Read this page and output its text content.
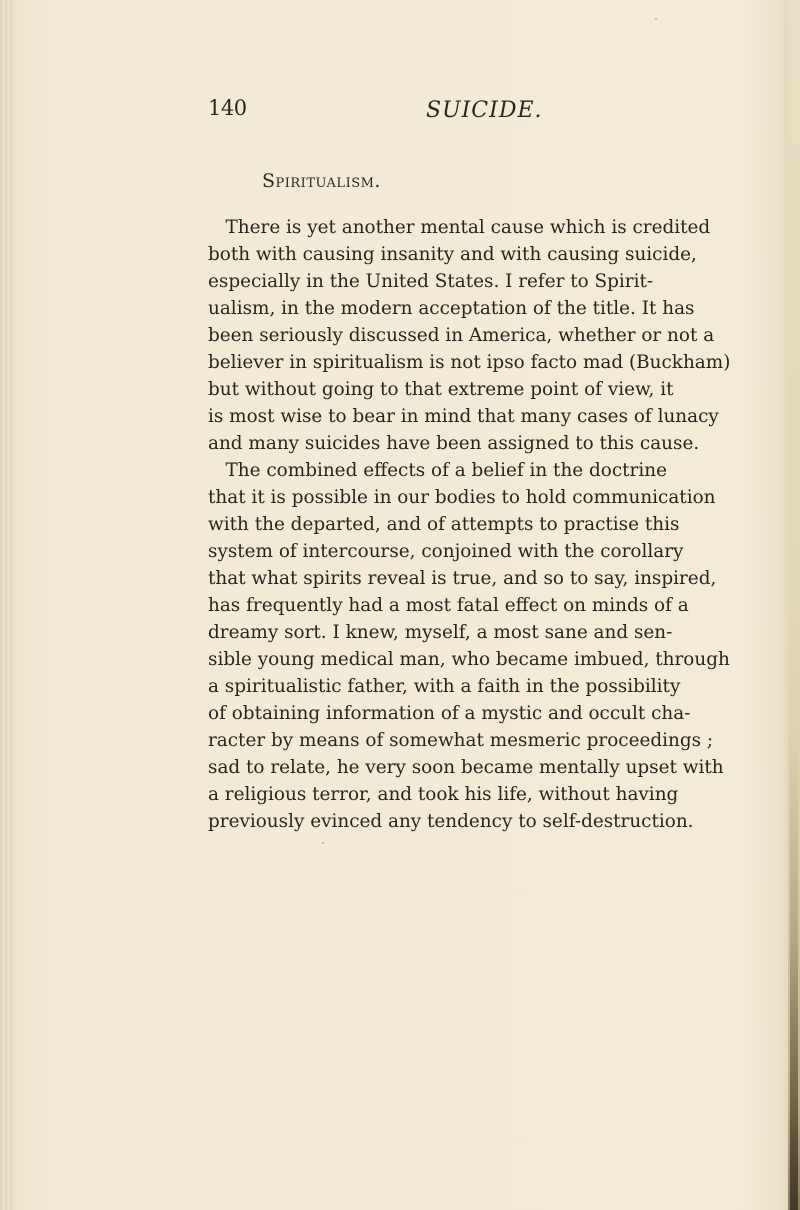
140	SUICIDE.
Spiritualism.
There is yet another mental cause which is credited
both with causing insanity and with causing suicide,
especially in the United States. I refer to Spirit-
ualism, in the modern acceptation of the title. It has
been seriously discussed in America, whether or not a
believer in spiritualism is not ipso facto mad (Buckham)
but without going to that extreme point of view, it
is most wise to bear in mind that many cases of lunacy
and many suicides have been assigned to this cause.
The combined effects of a belief in the doctrine
that it is possible in our bodies to hold communication
with the departed, and of attempts to practise this
system of intercourse, conjoined with the corollary
that what spirits reveal is true, and so to say, inspired,
has frequently had a most fatal effect on minds of a
dreamy sort. I knew, myself, a most sane and sen-
sible young medical man, who became imbued, through
a spiritualistic father, with a faith in the possibility
of obtaining information of a mystic and occult cha-
racter by means of somewhat mesmeric proceedings ;
sad to relate, he very soon became mentally upset with
a religious terror, and took his life, without having
previously evinced any tendency to self-destruction.
